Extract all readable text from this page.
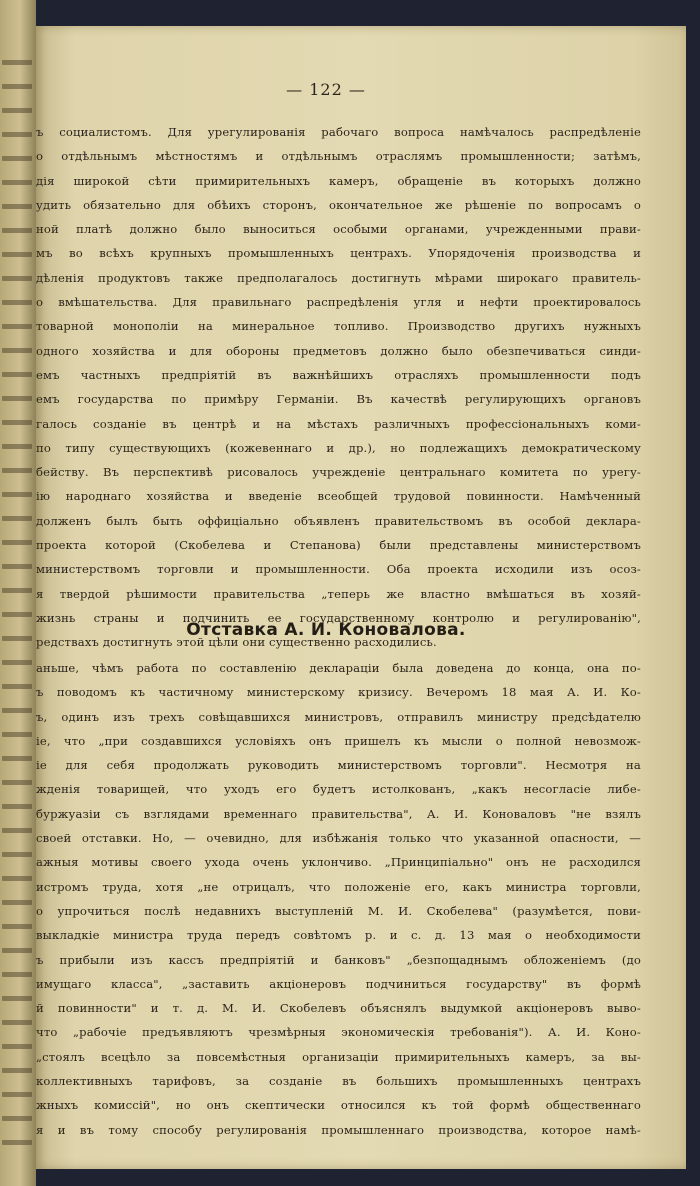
— 122 —
ъ социалистомъ. Для урегулированія рабочаго вопроса намѣчалось распредѣленіе
о отдѣльнымъ мѣстностямъ и отдѣльнымъ отраслямъ промышленности; затѣмъ,
дія широкой сѣти примирительныхъ камеръ, обращеніе въ которыхъ должно
удить обязательно для обѣихъ сторонъ, окончательное же рѣшеніе по вопросамъ о
ной платѣ должно было выноситься особыми органами, учрежденными прави-
мъ во всѣхъ крупныхъ промышленныхъ центрахъ. Упорядоченія производства и
дѣленія продуктовъ также предполагалось достигнуть мѣрами широкаго правитель-
о вмѣшательства. Для правильнаго распредѣленія угля и нефти проектировалось
товарной монополіи на минеральное топливо. Производство другихъ нужныхъ
одного хозяйства и для обороны предметовъ должно было обезпечиваться синди-
емъ частныхъ предпріятій въ важнѣйшихъ отрасляхъ промышленности подъ
емъ государства по примѣру Германіи. Въ качествѣ регулирующихъ органовъ
галось созданіе въ центрѣ и на мѣстахъ различныхъ профессіональныхъ коми-
по типу существующихъ (кожевеннаго и др.), но подлежащихъ демократическому
бейству. Въ перспективѣ рисовалось учрежденіе центральнаго комитета по урегу-
ію народнаго хозяйства и введеніе всеобщей трудовой повинности. Намѣченный
долженъ былъ быть оффиціально объявленъ правительствомъ въ особой деклара-
проекта которой (Скобелева и Степанова) были представлены министерствомъ
министерствомъ торговли и промышленности. Оба проекта исходили изъ осоз-
я твердой рѣшимости правительства „теперь же властно вмѣшаться въ хозяй-
жизнь страны и подчинить ее государственному контролю и регулированію",
редствахъ достигнуть этой цѣли они существенно расходились.
Отставка А. И. Коновалова.
аньше, чѣмъ работа по составленію деклараціи была доведена до конца, она по-
ъ поводомъ къ частичному министерскому кризису. Вечеромъ 18 мая А. И. Ко-
ъ, одинъ изъ трехъ совѣщавшихся министровъ, отправилъ министру предсѣдателю
іе, что „при создавшихся условіяхъ онъ пришелъ къ мысли о полной невозмож-
іе для себя продолжать руководить министерствомъ торговли". Несмотря на
жденія товарищей, что уходъ его будетъ истолкованъ, „какъ несогласіе либе-
буржуазіи съ взглядами временнаго правительства", А. И. Коноваловъ "не взялъ
своей отставки. Но, — очевидно, для избѣжанія только что указанной опасности, —
ажныя мотивы своего ухода очень уклончиво. „Принципіально" онъ не расходился
истромъ труда, хотя „не отрицалъ, что положеніе его, какъ министра торговли,
о упрочиться послѣ недавнихъ выступленій М. И. Скобелева" (разумѣется, пови-
выкладкіе министра труда передъ совѣтомъ р. и с. д. 13 мая о необходимости
ъ прибыли изъ кассъ предпріятій и банковъ" „безпощаднымъ обложеніемъ (до
имущаго класса", „заставить акціонеровъ подчиниться государству" въ формѣ
й повинности" и т. д. М. И. Скобелевъ объяснялъ выдумкой акціонеровъ выво-
что „рабочіе предъявляютъ чрезмѣрныя экономическія требованія"). А. И. Коно-
„стоялъ всецѣло за повсемѣстныя организаціи примирительныхъ камеръ, за вы-
коллективныхъ тарифовъ, за созданіе въ большихъ промышленныхъ центрахъ
жныхъ комиссій", но онъ скептически относился къ той формѣ общественнаго
я и въ тому способу регулированія промышленнаго производства, которое намѣ-
